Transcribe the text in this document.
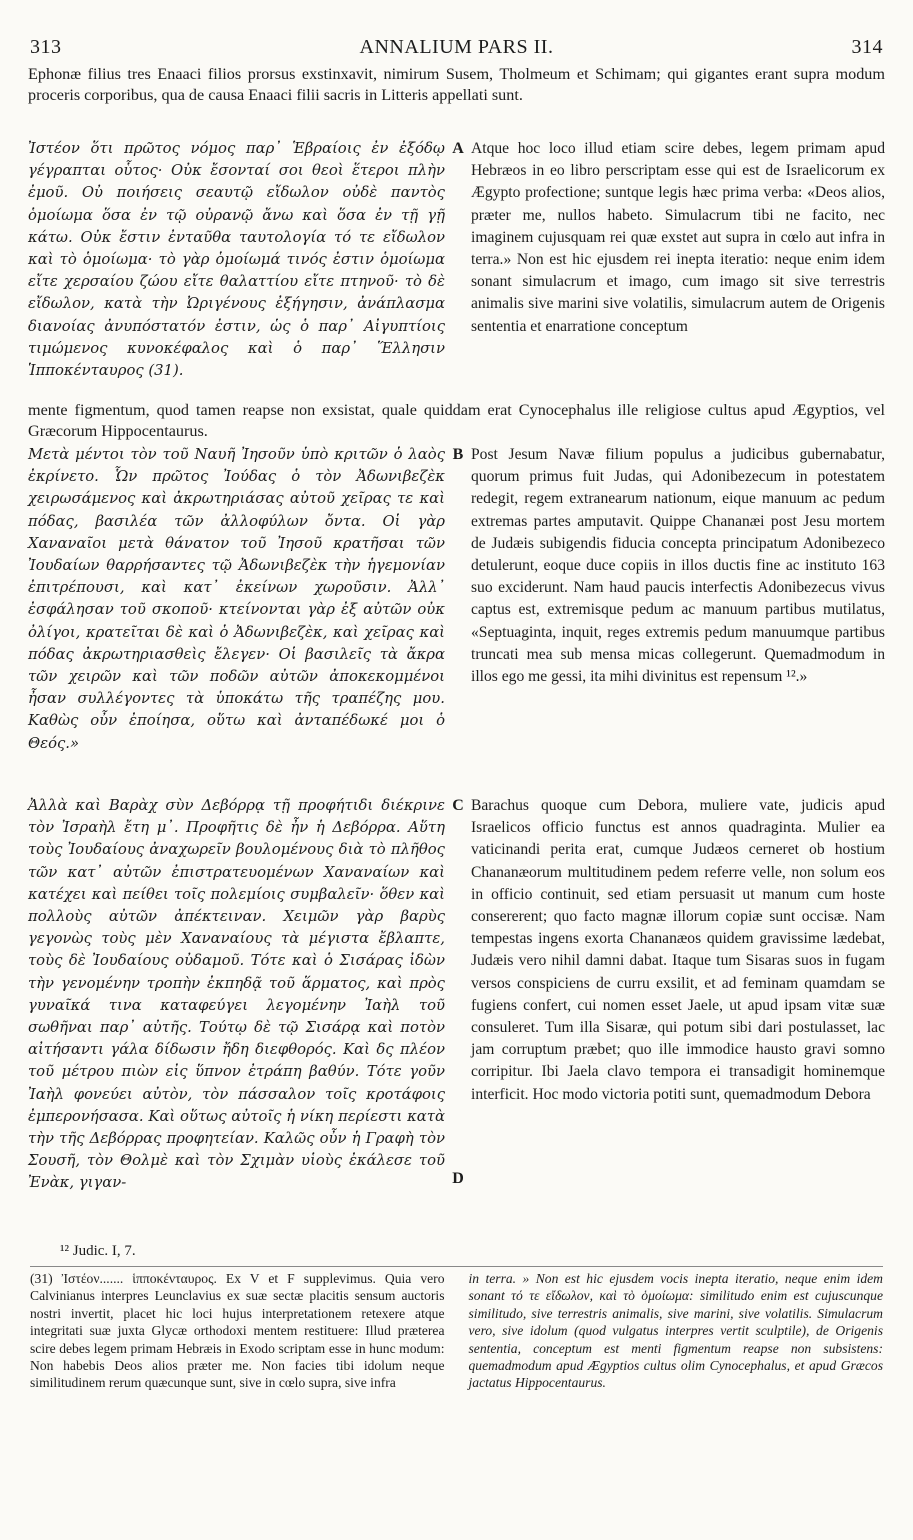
313	ANNALIUM PARS II.	314
Ephonæ filius tres Enaaci filios prorsus exstinxavit, nimirum Susem, Tholmeum et Schimam; qui gigantes erant supra modum proceris corporibus, qua de causa Enaaci filii sacris in Litteris appellati sunt.
Ἰστέον ὅτι πρῶτος νόμος παρ᾽ Ἑβραίοις ἐν ἐξόδῳ γέγραπται οὗτος· Οὐκ ἔσονταί σοι θεοὶ ἕτεροι πλὴν ἐμοῦ. Οὐ ποιήσεις σεαυτῷ εἴδωλον οὐδὲ παντὸς ὁμοίωμα ὅσα ἐν τῷ οὐρανῷ ἄνω καὶ ὅσα ἐν τῇ γῇ κάτω. Οὐκ ἔστιν ἐνταῦθα ταυτολογία τό τε εἴδωλον καὶ τὸ ὁμοίωμα· τὸ γὰρ ὁμοίωμά τινός ἐστιν ὁμοίωμα εἴτε χερσαίου ζώου εἴτε θαλαττίου εἴτε πτηνοῦ· τὸ δὲ εἴδωλον, κατὰ τὴν Ὠριγένους ἐξήγησιν, ἀνάπλασμα διανοίας ἀνυπόστατόν ἐστιν, ὡς ὁ παρ᾽ Αἰγυπτίοις τιμώμενος κυνοκέφαλος καὶ ὁ παρ᾽ Ἕλλησιν Ἱπποκένταυρος (31).
A Atque hoc loco illud etiam scire debes, legem primam apud Hebræos in eo libro perscriptam esse qui est de Israelicorum ex Ægypto profectione; suntque legis hæc prima verba: «Deos alios, præter me, nullos habeto. Simulacrum tibi ne facito, nec imaginem cujusquam rei quæ exstet aut supra in cœlo aut infra in terra.» Non est hic ejusdem rei inepta iteratio: neque enim idem sonant simulacrum et imago, cum imago sit sive terrestris animalis sive marini sive volatilis, simulacrum autem de Origenis sententia et enarratione conceptum
mente figmentum, quod tamen reapse non exsistat, quale quiddam erat Cynocephalus ille religiose cultus apud Ægyptios, vel Græcorum Hippocentaurus.
Μετὰ μέντοι τὸν τοῦ Ναυῆ Ἰησοῦν ὑπὸ κριτῶν ὁ λαὸς ἐκρίνετο. Ὧν πρῶτος Ἰούδας ὁ τὸν Ἀδωνιβεζὲκ χειρωσάμενος καὶ ἀκρωτηριάσας αὐτοῦ χεῖρας τε καὶ πόδας, βασιλέα τῶν ἀλλοφύλων ὄντα. Οἱ γὰρ Χαναναῖοι μετὰ θάνατον τοῦ Ἰησοῦ κρατῆσαι τῶν Ἰουδαίων θαρρήσαντες τῷ Ἀδωνιβεζὲκ τὴν ἡγεμονίαν ἐπιτρέπουσι, καὶ κατ᾽ ἐκείνων χωροῦσιν. Ἀλλ᾽ ἐσφάλησαν τοῦ σκοποῦ· κτείνονται γὰρ ἐξ αὐτῶν οὐκ ὀλίγοι, κρατεῖται δὲ καὶ ὁ Ἀδωνιβεζὲκ, καὶ χεῖρας καὶ πόδας ἀκρωτηριασθεὶς ἔλεγεν· Οἱ βασιλεῖς τὰ ἄκρα τῶν χειρῶν καὶ τῶν ποδῶν αὐτῶν ἀποκεκομμένοι ἦσαν συλλέγοντες τὰ ὑποκάτω τῆς τραπέζης μου. Καθὼς οὖν ἐποίησα, οὕτω καὶ ἀνταπέδωκέ μοι ὁ Θεός.»
B Post Jesum Navæ filium populus a judicibus gubernabatur, quorum primus fuit Judas, qui Adonibezecum in potestatem redegit, regem extranearum nationum, eique manuum ac pedum extremas partes amputavit. Quippe Chananæi post Jesu mortem de Judæis subigendis fiducia concepta principatum Adonibezeco detulerunt, eoque duce copiis in illos ductis fine ac instituto 163 suo exciderunt. Nam haud paucis interfectis Adonibezecus vivus captus est, extremisque pedum ac manuum partibus mutilatus, «Septuaginta, inquit, reges extremis pedum manuumque partibus truncati mea sub mensa micas collegerunt. Quemadmodum in illos ego me gessi, ita mihi divinitus est repensum ¹².»
Ἀλλὰ καὶ Βαρὰχ σὺν Δεβόρρᾳ τῇ προφήτιδι διέκρινε τὸν Ἰσραὴλ ἔτη μ᾽. Προφῆτις δὲ ἦν ἡ Δεβόρρα. Αὕτη τοὺς Ἰουδαίους ἀναχωρεῖν βουλομένους διὰ τὸ πλῆθος τῶν κατ᾽ αὐτῶν ἐπιστρατευομένων Χαναναίων καὶ κατέχει καὶ πείθει τοῖς πολεμίοις συμβαλεῖν· ὅθεν καὶ πολλοὺς αὐτῶν ἀπέκτειναν. Χειμῶν γὰρ βαρὺς γεγονὼς τοὺς μὲν Χαναναίους τὰ μέγιστα ἔβλαπτε, τοὺς δὲ Ἰουδαίους οὐδαμοῦ. Τότε καὶ ὁ Σισάρας ἰδὼν τὴν γενομένην τροπὴν ἐκπηδᾷ τοῦ ἅρματος, καὶ πρὸς γυναῖκά τινα καταφεύγει λεγομένην Ἰαὴλ τοῦ σωθῆναι παρ᾽ αὐτῆς. Τούτῳ δὲ τῷ Σισάρᾳ καὶ ποτὸν αἰτήσαντι γάλα δίδωσιν ἤδη διεφθορός. Καὶ δς πλέον τοῦ μέτρου πιὼν εἰς ὕπνον ἐτράπη βαθύν. Τότε γοῦν Ἰαὴλ φονεύει αὐτὸν, τὸν πάσσαλον τοῖς κροτάφοις ἐμπερονήσασα. Καὶ οὕτως αὐτοῖς ἡ νίκη περίεστι κατὰ τὴν τῆς Δεβόρρας προφητείαν. Καλῶς οὖν ἡ Γραφὴ τὸν Σουσῆ, τὸν Θολμὲ καὶ τὸν Σχιμὰν υἱοὺς ἐκάλεσε τοῦ Ἐνὰκ, γιγαν-
C
D
Barachus quoque cum Debora, muliere vate, judicis apud Israelicos officio functus est annos quadraginta. Mulier ea vaticinandi perita erat, cumque Judæos cerneret ob hostium Chananæorum multitudinem pedem referre velle, non solum eos in officio continuit, sed etiam persuasit ut manum cum hoste consererent; quo facto magnæ illorum copiæ sunt occisæ. Nam tempestas ingens exorta Chananæos quidem gravissime lædebat, Judæis vero nihil damni dabat. Itaque tum Sisaras suos in fugam versos conspiciens de curru exsilit, et ad feminam quamdam se fugiens confert, cui nomen esset Jaele, ut apud ipsam vitæ suæ consuleret. Tum illa Sisaræ, qui potum sibi dari postulasset, lac jam corruptum præbet; quo ille immodice hausto gravi somno corripitur. Ibi Jaela clavo tempora ei transadigit hominemque interficit. Hoc modo victoria potiti sunt, quemadmodum Debora
¹² Judic. I, 7.
(31) Ἰστέον....... ἱπποκένταυρος. Ex V et F supplevimus. Quia vero Calvinianus interpres Leunclavius ex suæ sectæ placitis sensum auctoris nostri invertit, placet hic loci hujus interpretationem retexere atque integritati suæ juxta Glycæ orthodoxi mentem restituere: Illud præterea scire debes legem primam Hebræis in Exodo scriptam esse in hunc modum: Non habebis Deos alios præter me. Non facies tibi idolum neque similitudinem rerum quæcunque sunt, sive in cœlo supra, sive infra
in terra. » Non est hic ejusdem vocis inepta iteratio, neque enim idem sonant τό τε εἴδωλον, καὶ τὸ ὁμοίωμα: similitudo enim est cujuscunque similitudo, sive terrestris animalis, sive marini, sive volatilis. Simulacrum vero, sive idolum (quod vulgatus interpres vertit sculptile), de Origenis sententia, conceptum est menti figmentum reapse non subsistens: quemadmodum apud Ægyptios cultus olim Cynocephalus, et apud Græcos jactatus Hippocentaurus.
